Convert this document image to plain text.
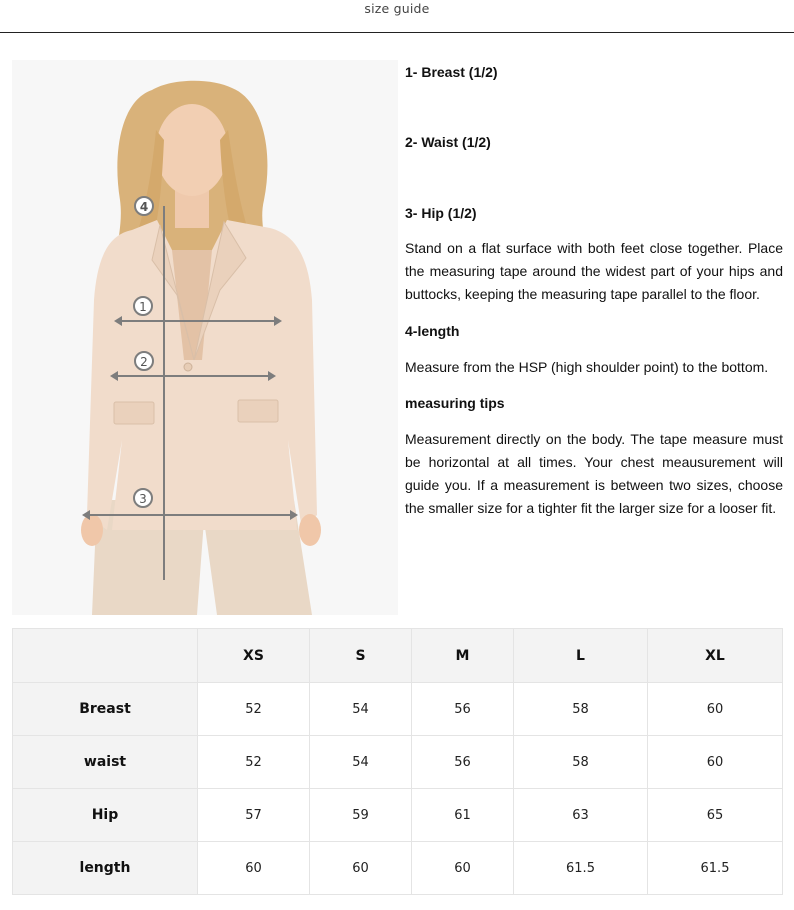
size guide
4
1
2
3
1- Breast (1/2)
2- Waist (1/2)
3- Hip (1/2)
Stand on a flat surface with both feet close together. Place the measuring tape around the widest part of your hips and buttocks, keeping the measuring tape parallel to the floor.
4-length
Measure from the HSP (high shoulder point) to the bottom.
measuring tips
Measurement directly on the body. The tape measure must be horizontal at all times. Your chest meausurement will guide you. If a measurement is between two sizes, choose the smaller size for a tighter fit the larger size for a looser fit.
	XS	S	M	L	XL
Breast	52	54	56	58	60
waist	52	54	56	58	60
Hip	57	59	61	63	65
length	60	60	60	61.5	61.5
